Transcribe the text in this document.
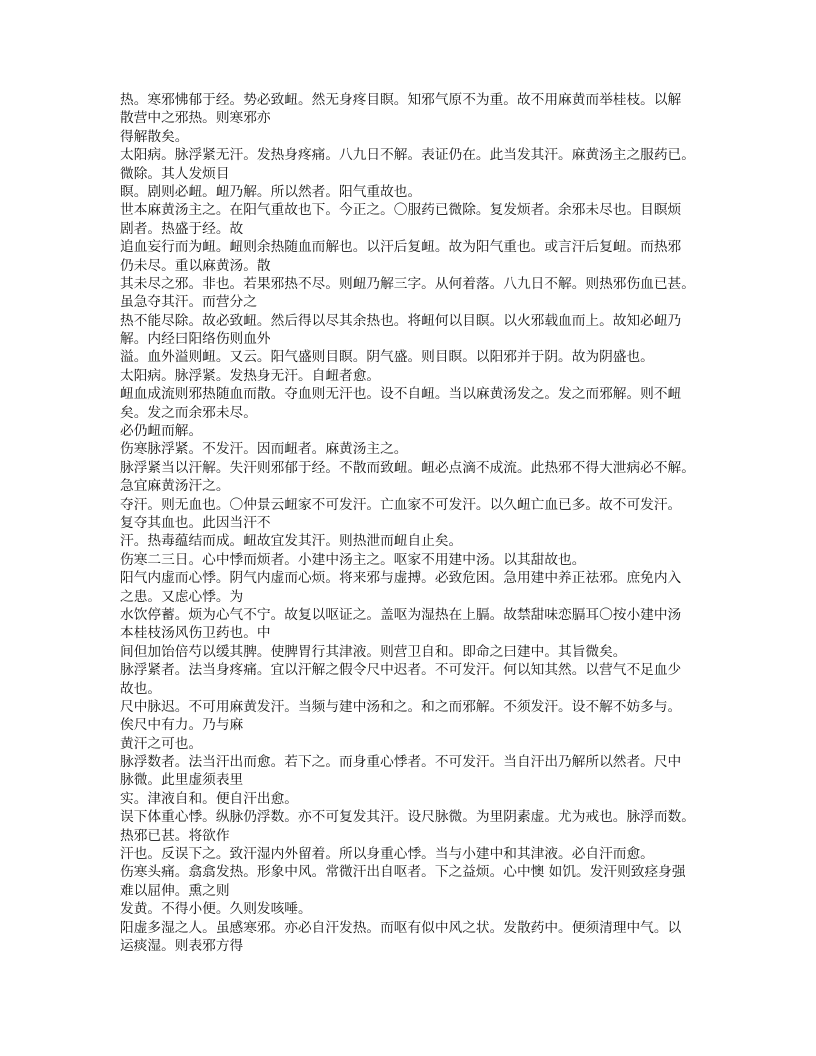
热。寒邪怫郁于经。势必致衄。然无身疼目瞑。知邪气原不为重。故不用麻黄而举桂枝。以解
散营中之邪热。则寒邪亦
得解散矣。
太阳病。脉浮紧无汗。发热身疼痛。八九日不解。表证仍在。此当发其汗。麻黄汤主之服药已。
微除。其人发烦目
瞑。剧则必衄。衄乃解。所以然者。阳气重故也。
世本麻黄汤主之。在阳气重故也下。今正之。〇服药已微除。复发烦者。余邪未尽也。目瞑烦
剧者。热盛于经。故
追血妄行而为衄。衄则余热随血而解也。以汗后复衄。故为阳气重也。或言汗后复衄。而热邪
仍未尽。重以麻黄汤。散
其未尽之邪。非也。若果邪热不尽。则衄乃解三字。从何着落。八九日不解。则热邪伤血已甚。
虽急夺其汗。而营分之
热不能尽除。故必致衄。然后得以尽其余热也。将衄何以目瞑。以火邪载血而上。故知必衄乃
解。内经曰阳络伤则血外
溢。血外溢则衄。又云。阳气盛则目瞑。阴气盛。则目瞑。以阳邪并于阴。故为阴盛也。
太阳病。脉浮紧。发热身无汗。自衄者愈。
衄血成流则邪热随血而散。夺血则无汗也。设不自衄。当以麻黄汤发之。发之而邪解。则不衄
矣。发之而余邪未尽。
必仍衄而解。
伤寒脉浮紧。不发汗。因而衄者。麻黄汤主之。
脉浮紧当以汗解。失汗则邪郁于经。不散而致衄。衄必点滴不成流。此热邪不得大泄病必不解。
急宜麻黄汤汗之。
夺汗。则无血也。〇仲景云衄家不可发汗。亡血家不可发汗。以久衄亡血已多。故不可发汗。
复夺其血也。此因当汗不
汗。热毒蕴结而成。衄故宜发其汗。则热泄而衄自止矣。
伤寒二三日。心中悸而烦者。小建中汤主之。呕家不用建中汤。以其甜故也。
阳气内虚而心悸。阴气内虚而心烦。将来邪与虚搏。必致危困。急用建中养正祛邪。庶免内入
之患。又虑心悸。为
水饮停蓄。烦为心气不宁。故复以呕证之。盖呕为湿热在上膈。故禁甜味恋膈耳〇按小建中汤
本桂枝汤风伤卫药也。中
间但加饴倍芍以缓其脾。使脾胃行其津液。则营卫自和。即命之曰建中。其旨微矣。
脉浮紧者。法当身疼痛。宜以汗解之假令尺中迟者。不可发汗。何以知其然。以营气不足血少
故也。
尺中脉迟。不可用麻黄发汗。当频与建中汤和之。和之而邪解。不须发汗。设不解不妨多与。
俟尺中有力。乃与麻
黄汗之可也。
脉浮数者。法当汗出而愈。若下之。而身重心悸者。不可发汗。当自汗出乃解所以然者。尺中
脉微。此里虚须表里
实。津液自和。便自汗出愈。
误下体重心悸。纵脉仍浮数。亦不可复发其汗。设尺脉微。为里阴素虚。尤为戒也。脉浮而数。
热邪已甚。将欲作
汗也。反误下之。致汗湿内外留着。所以身重心悸。当与小建中和其津液。必自汗而愈。
伤寒头痛。翕翕发热。形象中风。常微汗出自呕者。下之益烦。心中懊 如饥。发汗则致痉身强
难以屈伸。熏之则
发黄。不得小便。久则发咳唾。
阳虚多湿之人。虽感寒邪。亦必自汗发热。而呕有似中风之状。发散药中。便须清理中气。以
运痰湿。则表邪方得
